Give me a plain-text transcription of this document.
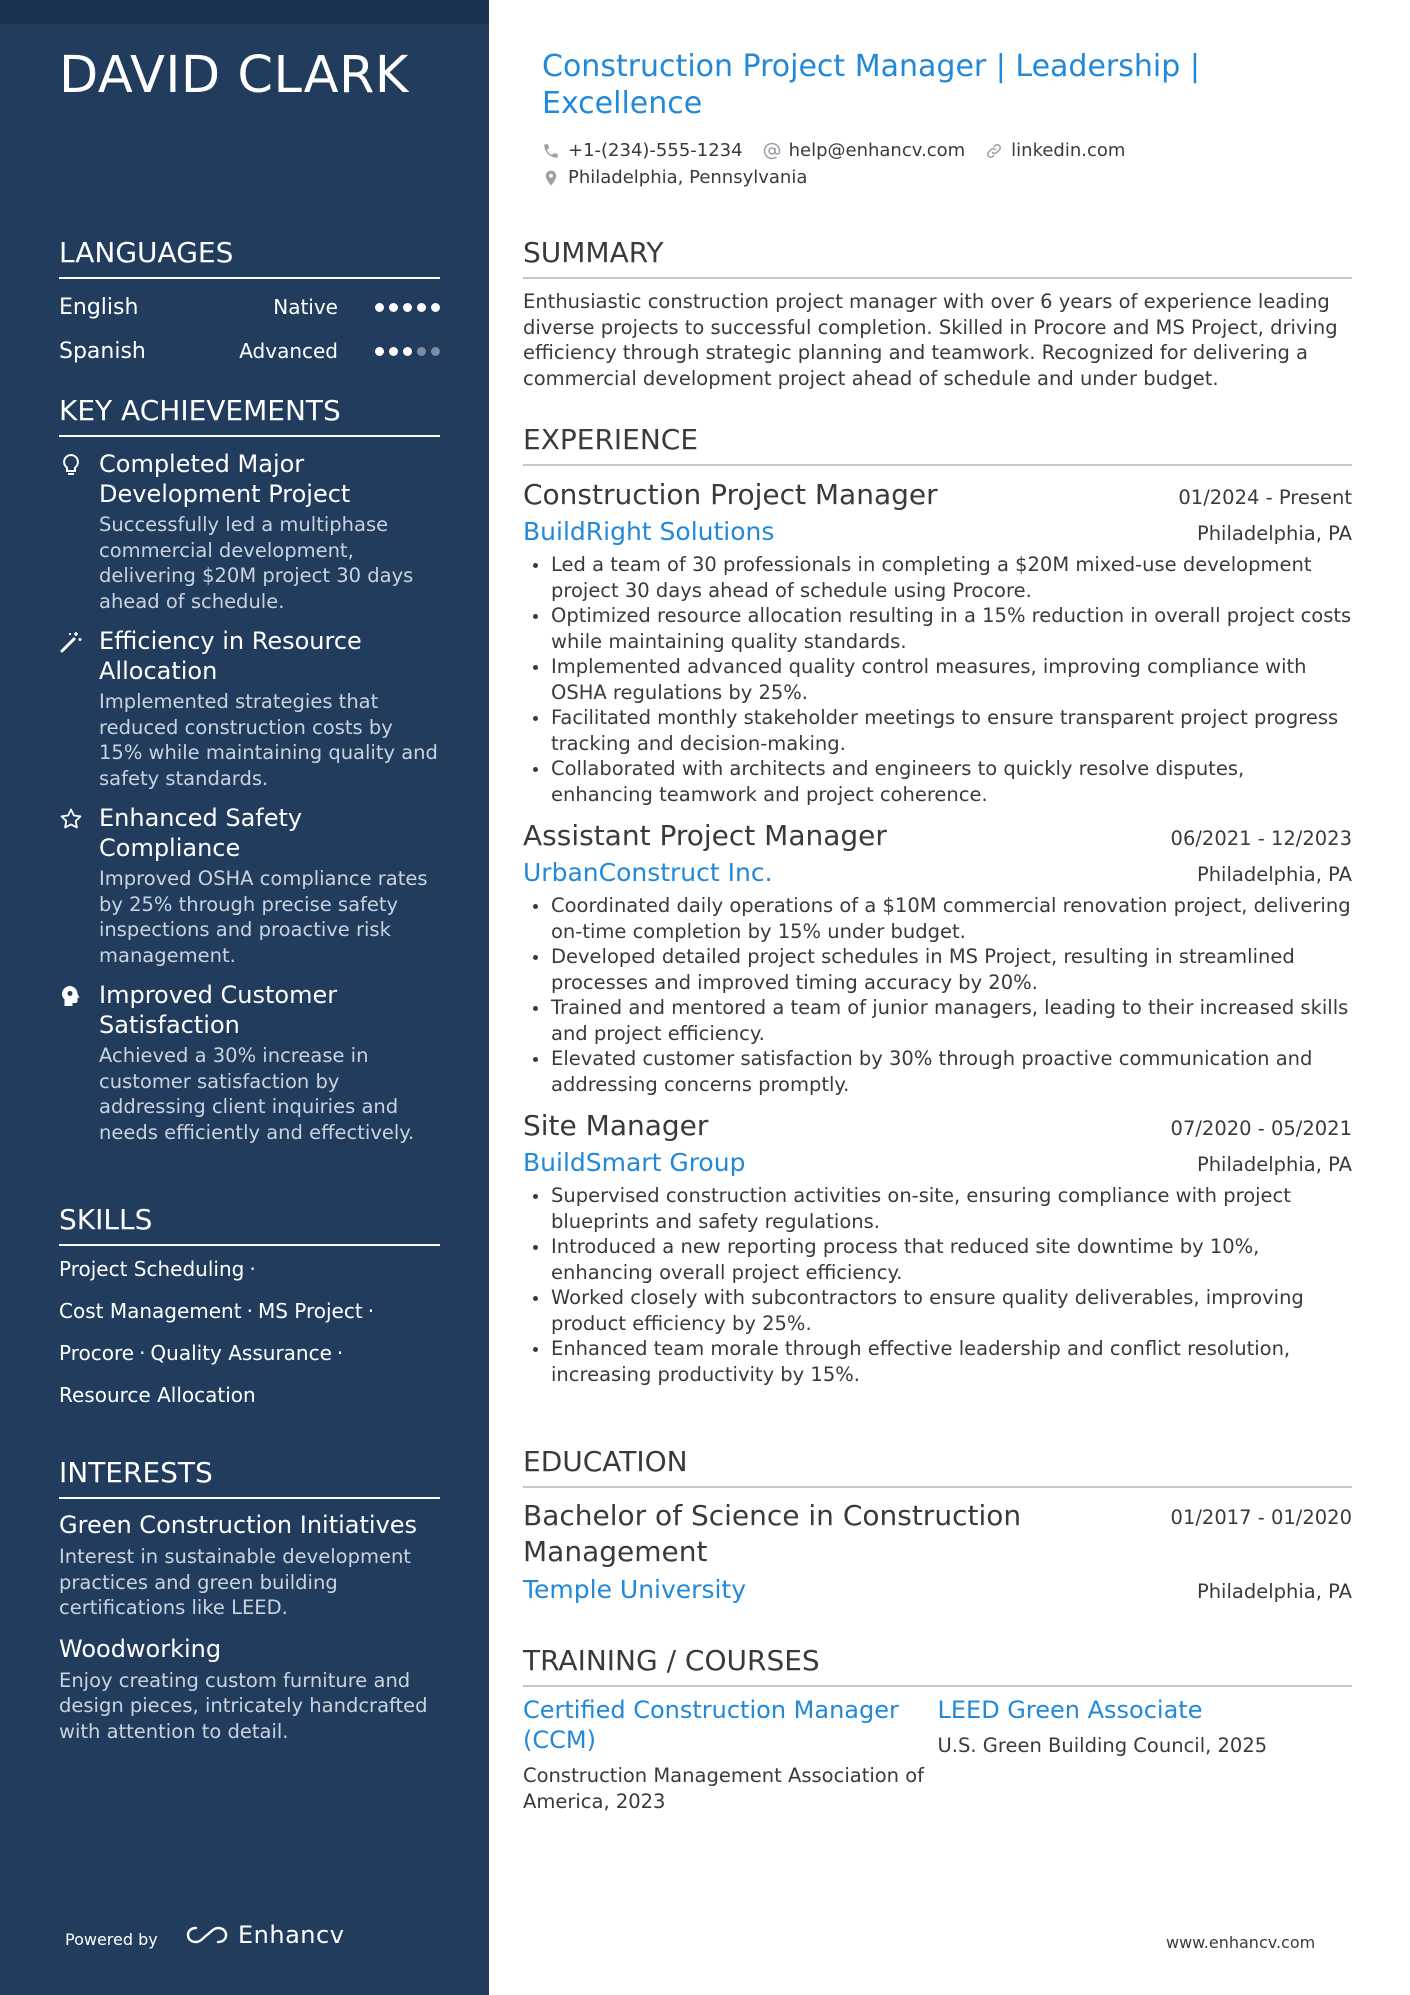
DAVID CLARK
LANGUAGES
English	Native
Spanish	Advanced
KEY ACHIEVEMENTS
Completed Major Development Project
Successfully led a multiphase commercial development, delivering $20M project 30 days ahead of schedule.
Efficiency in Resource Allocation
Implemented strategies that reduced construction costs by 15% while maintaining quality and safety standards.
Enhanced Safety Compliance
Improved OSHA compliance rates by 25% through precise safety inspections and proactive risk management.
Improved Customer Satisfaction
Achieved a 30% increase in customer satisfaction by addressing client inquiries and needs efficiently and effectively.
SKILLS
Project Scheduling ·
Cost Management · MS Project ·
Procore · Quality Assurance ·
Resource Allocation
INTERESTS
Green Construction Initiatives
Interest in sustainable development practices and green building certifications like LEED.
Woodworking
Enjoy creating custom furniture and design pieces, intricately handcrafted with attention to detail.
Powered by	Enhancv
Construction Project Manager | Leadership | Excellence
+1-(234)-555-1234	help@enhancv.com	linkedin.com
Philadelphia, Pennsylvania
SUMMARY
Enthusiastic construction project manager with over 6 years of experience leading diverse projects to successful completion. Skilled in Procore and MS Project, driving efficiency through strategic planning and teamwork. Recognized for delivering a commercial development project ahead of schedule and under budget.
EXPERIENCE
Construction Project Manager	01/2024 - Present
BuildRight Solutions	Philadelphia, PA
Led a team of 30 professionals in completing a $20M mixed-use development project 30 days ahead of schedule using Procore.
Optimized resource allocation resulting in a 15% reduction in overall project costs while maintaining quality standards.
Implemented advanced quality control measures, improving compliance with OSHA regulations by 25%.
Facilitated monthly stakeholder meetings to ensure transparent project progress tracking and decision-making.
Collaborated with architects and engineers to quickly resolve disputes, enhancing teamwork and project coherence.
Assistant Project Manager	06/2021 - 12/2023
UrbanConstruct Inc.	Philadelphia, PA
Coordinated daily operations of a $10M commercial renovation project, delivering on-time completion by 15% under budget.
Developed detailed project schedules in MS Project, resulting in streamlined processes and improved timing accuracy by 20%.
Trained and mentored a team of junior managers, leading to their increased skills and project efficiency.
Elevated customer satisfaction by 30% through proactive communication and addressing concerns promptly.
Site Manager	07/2020 - 05/2021
BuildSmart Group	Philadelphia, PA
Supervised construction activities on-site, ensuring compliance with project blueprints and safety regulations.
Introduced a new reporting process that reduced site downtime by 10%, enhancing overall project efficiency.
Worked closely with subcontractors to ensure quality deliverables, improving product efficiency by 25%.
Enhanced team morale through effective leadership and conflict resolution, increasing productivity by 15%.
EDUCATION
Bachelor of Science in Construction Management
01/2017 - 01/2020
Temple University	Philadelphia, PA
TRAINING / COURSES
Certified Construction Manager (CCM)
Construction Management Association of America, 2023
LEED Green Associate
U.S. Green Building Council, 2025
www.enhancv.com
